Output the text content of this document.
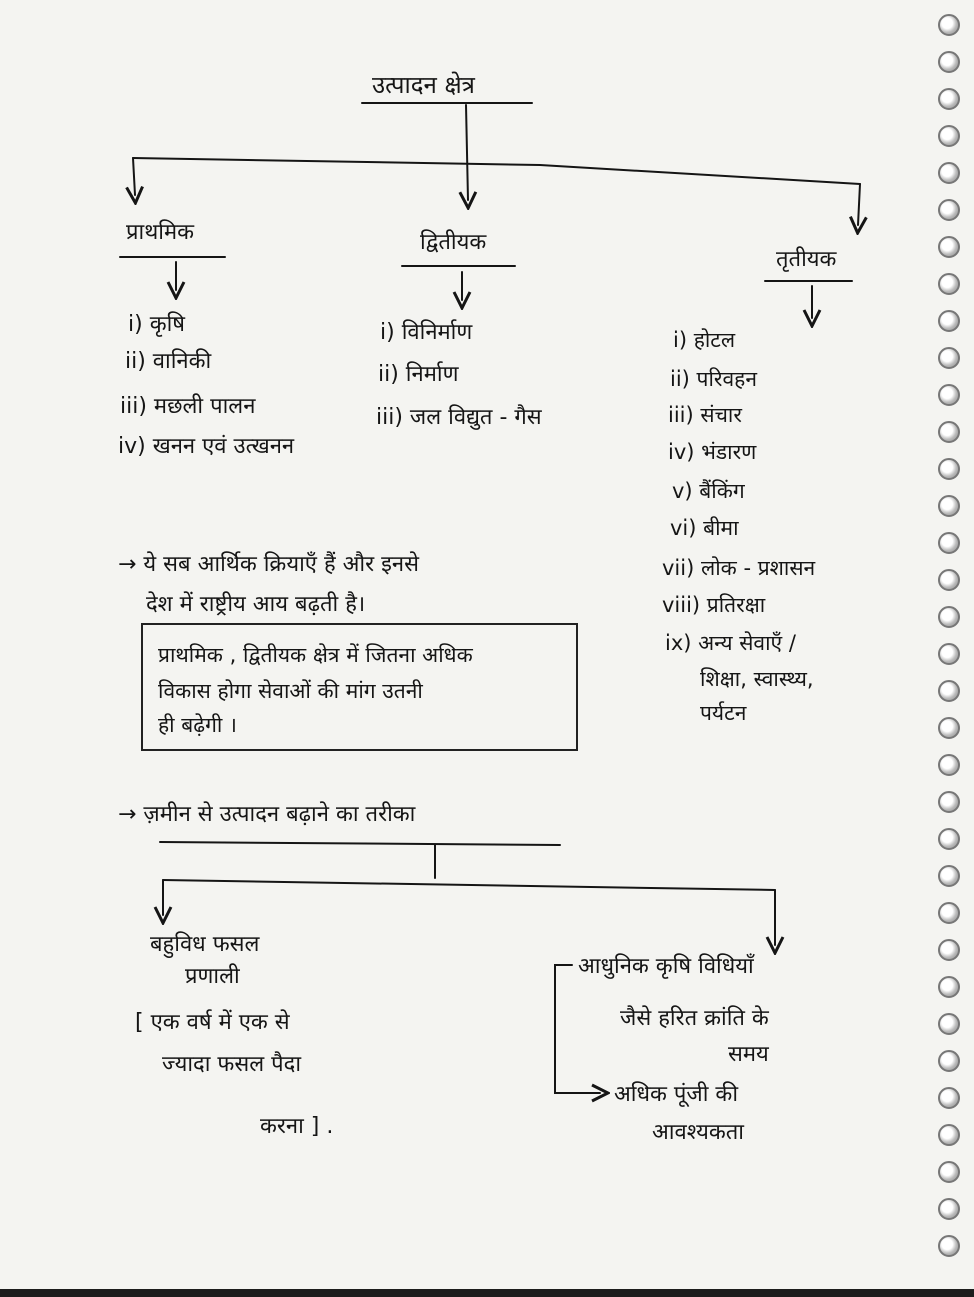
उत्पादन क्षेत्र
प्राथमिक	द्वितीयक
तृतीयक
i) कृषि
ii) वानिकी
iii) मछली पालन
iv) खनन एवं उत्खनन
i) विनिर्माण
ii) निर्माण
iii) जल विद्युत - गैस
i) होटल
ii) परिवहन
iii) संचार
iv) भंडारण
v) बैंकिंग
vi) बीमा
vii) लोक - प्रशासन
viii) प्रतिरक्षा
ix) अन्य सेवाएँ /
शिक्षा, स्वास्थ्य,
पर्यटन
→ ये सब आर्थिक क्रियाएँ हैं और इनसे
देश में राष्ट्रीय आय बढ़ती है।
प्राथमिक , द्वितीयक क्षेत्र में जितना अधिक
विकास होगा सेवाओं की मांग उतनी
ही बढ़ेगी ।
→ ज़मीन से उत्पादन बढ़ाने का तरीका
बहुविध फसल
प्रणाली
[ एक वर्ष में एक से
ज्यादा फसल पैदा
करना ] .
आधुनिक कृषि विधियाँ
जैसे हरित क्रांति के
समय
अधिक पूंजी की
आवश्यकता
